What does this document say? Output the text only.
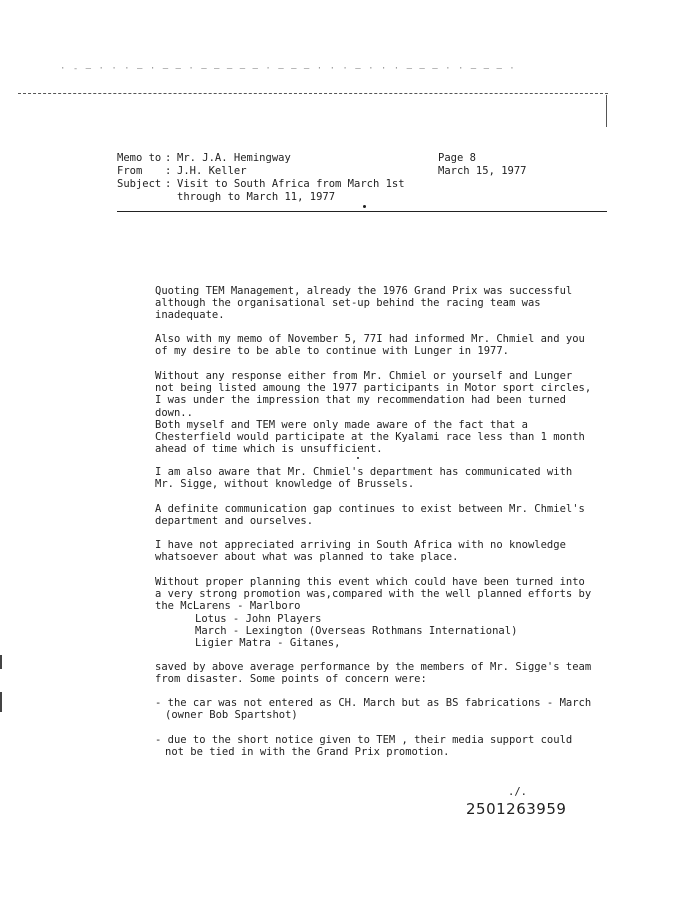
· ‑ — · · · — · — — · — — — — — · — — — · · · — · · · — — — · · — — — ·
Memo to : Mr. J.A. Hemingway
From : J.H. Keller
Subject : Visit to South Africa from March 1st
through to March 11, 1977
Page 8
March 15, 1977

Quoting TEM Management, already the 1976 Grand Prix was successful although the organisational set-up behind the racing team was inadequate.

Also with my memo of November 5, 77I had informed Mr. Chmiel and you of my desire to be able to continue with Lunger in 1977.

Without any response either from Mr. Chmiel or yourself and Lunger not being listed amoung the 1977 participants in Motor sport circles, I was under the impression that my recommendation had been turned down..

Both myself and TEM were only made aware of the fact that a Chesterfield would participate at the Kyalami race less than 1 month ahead of time which is unsufficient.

I am also aware that Mr. Chmiel's department has communicated with Mr. Sigge, without knowledge of Brussels.

A definite communication gap continues to exist between Mr. Chmiel's department and ourselves.

I have not appreciated arriving in South Africa with no knowledge whatsoever about what was planned to take place.

Without proper planning this event which could have been turned into a very strong promotion was,compared with the well planned efforts by the McLarens - Marlboro

Lotus - John Players

March - Lexington (Overseas Rothmans International)

Ligier Matra - Gitanes,

saved by above average performance by the members of Mr. Sigge's team from disaster. Some points of concern were:

- the car was not entered as CH. March but as BS fabrications - March (owner Bob Spartshot)

- due to the short notice given to TEM , their media support could not be tied in with the Grand Prix promotion.

./.
2501263959
